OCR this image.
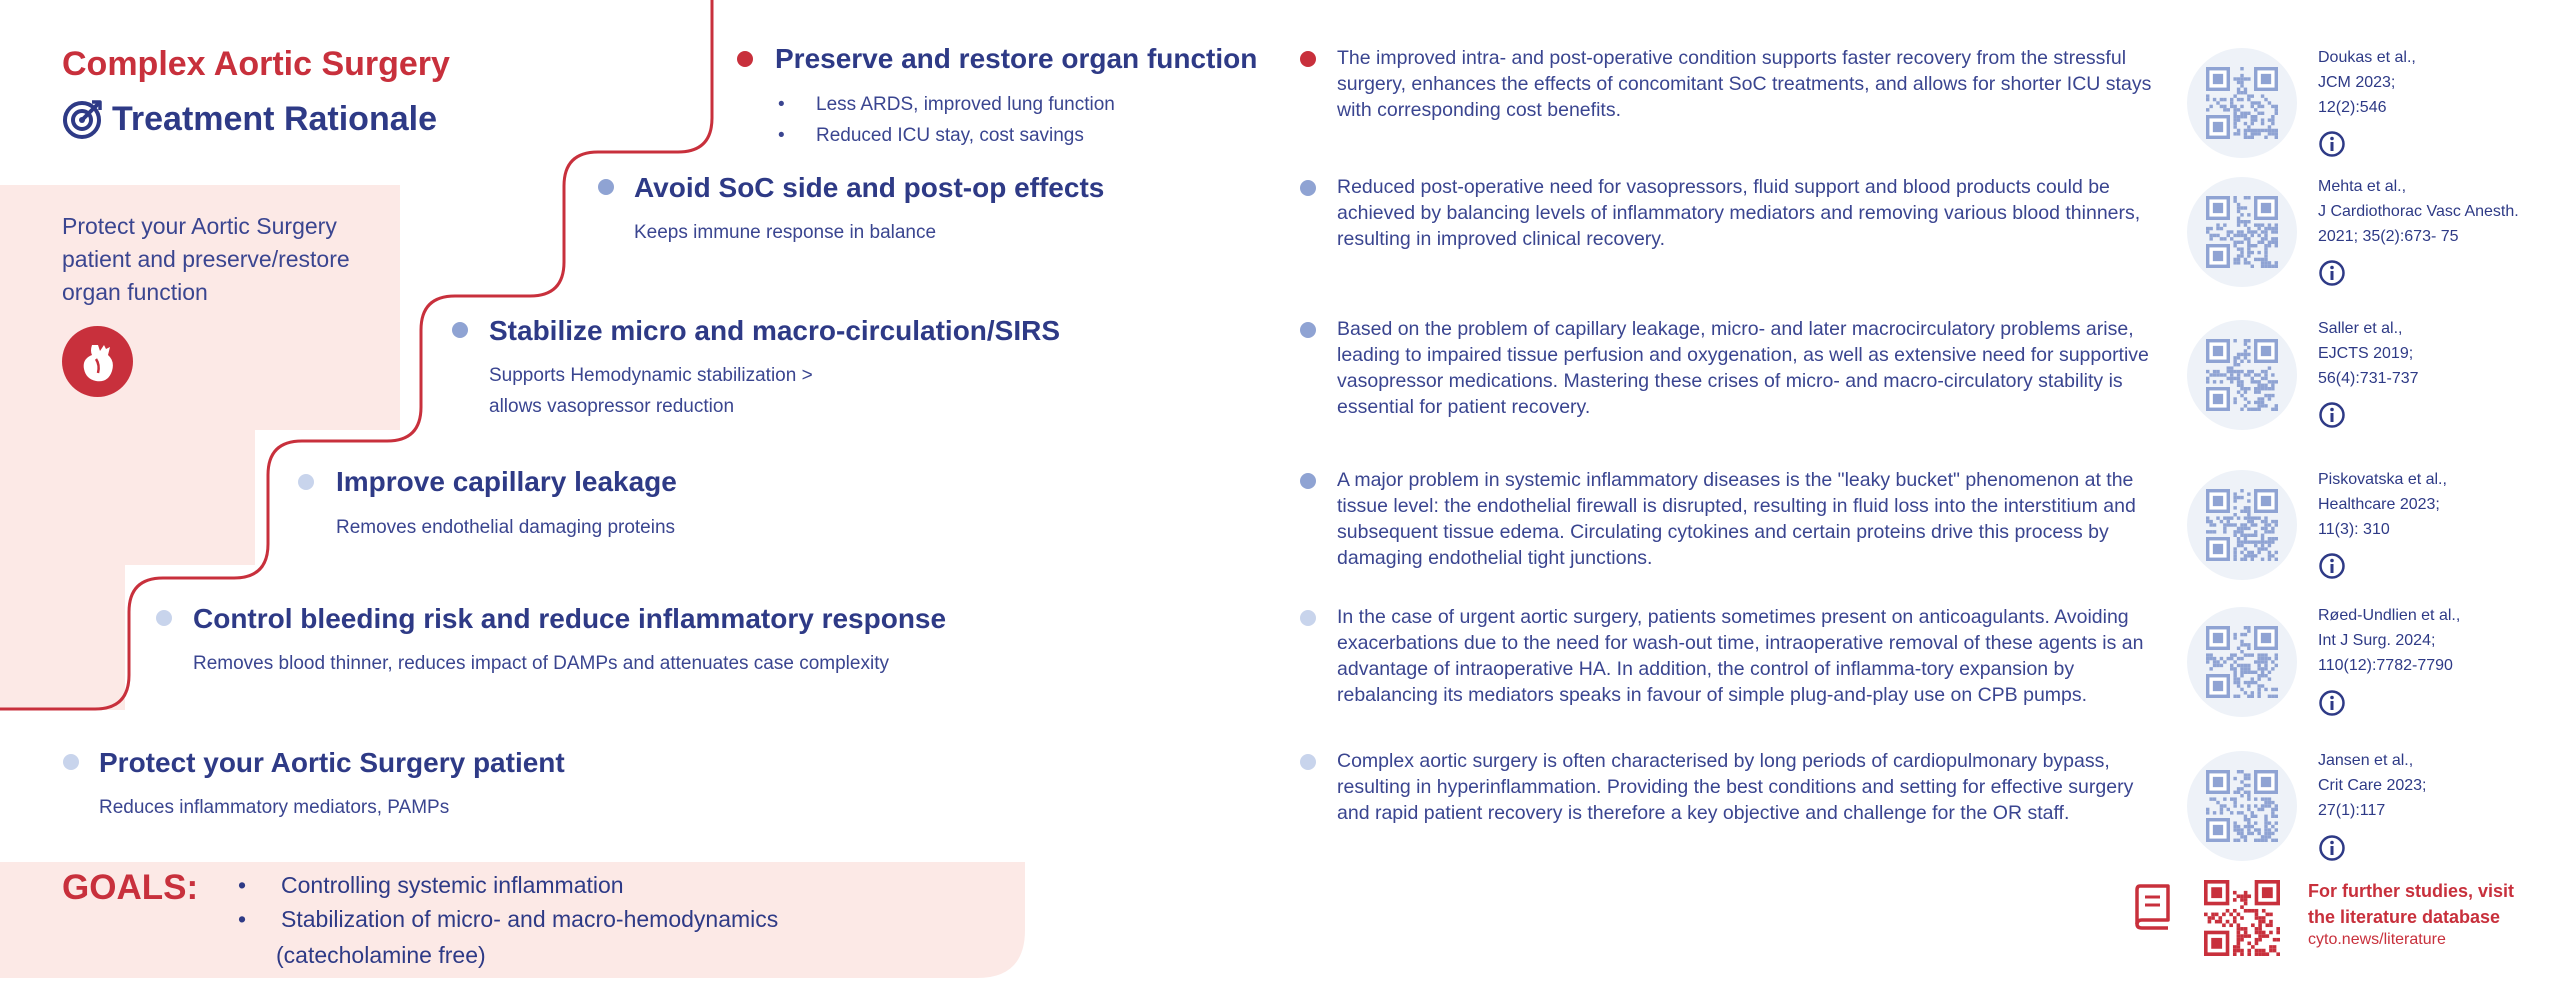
Complex Aortic Surgery
Treatment Rationale
Protect your Aortic Surgery patient and preserve/restore organ function
Preserve and restore organ function
• Less ARDS, improved lung function
• Reduced ICU stay, cost savings
Avoid SoC side and post-op effects
Keeps immune response in balance
Stabilize micro and macro-circulation/SIRS
Supports Hemodynamic stabilization >
allows vasopressor reduction
Improve capillary leakage
Removes endothelial damaging proteins
Control bleeding risk and reduce inflammatory response
Removes blood thinner, reduces impact of DAMPs and attenuates case complexity
Protect your Aortic Surgery patient
Reduces inflammatory mediators, PAMPs
The improved intra- and post-operative condition supports faster recovery from the stressful surgery, enhances the effects of concomitant SoC treatments, and allows for shorter ICU stays with corresponding cost benefits.
Reduced post-operative need for vasopressors, fluid support and blood products could be achieved by balancing levels of inflammatory mediators and removing various blood thinners, resulting in improved clinical recovery.
Based on the problem of capillary leakage, micro- and later macrocirculatory problems arise, leading to impaired tissue perfusion and oxygenation, as well as extensive need for supportive vasopressor medications. Mastering these crises of micro- and macro-circulatory stability is essential for patient recovery.
A major problem in systemic inflammatory diseases is the "leaky bucket" phenomenon at the tissue level: the endothelial firewall is disrupted, resulting in fluid loss into the interstitium and subsequent tissue edema. Circulating cytokines and certain proteins drive this process by damaging endothelial tight junctions.
In the case of urgent aortic surgery, patients sometimes present on anticoagulants. Avoiding exacerbations due to the need for wash-out time, intraoperative removal of these agents is an advantage of intraoperative HA. In addition, the control of inflamma-tory expansion by rebalancing its mediators speaks in favour of simple plug-and-play use on CPB pumps.
Complex aortic surgery is often characterised by long periods of cardiopulmonary bypass, resulting in hyperinflammation. Providing the best conditions and setting for effective surgery and rapid patient recovery is therefore a key objective and challenge for the OR staff.
Doukas et al.,
JCM 2023;
12(2):546
Mehta et al.,
J Cardiothorac Vasc Anesth.
2021; 35(2):673- 75
Saller et al.,
EJCTS 2019;
56(4):731-737
Piskovatska et al.,
Healthcare 2023;
11(3): 310
Røed-Undlien et al.,
Int J Surg. 2024;
110(12):7782-7790
Jansen et al.,
Crit Care 2023;
27(1):117
GOALS:
•	Controlling systemic inflammation
• Stabilization of micro- and macro-hemodynamics
(catecholamine free)
For further studies, visit
the literature database
cyto.news/literature
